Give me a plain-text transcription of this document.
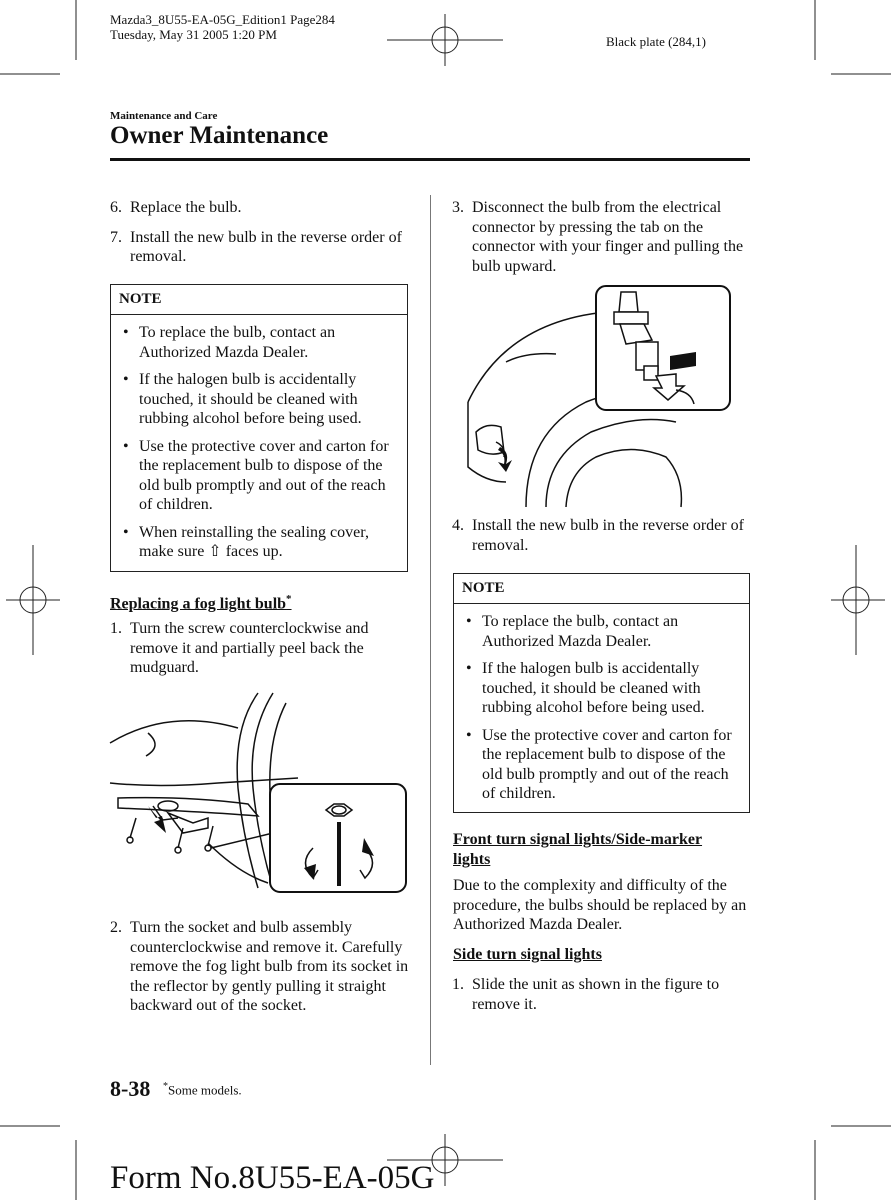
Mazda3_8U55-EA-05G_Edition1 Page284
Tuesday, May 31 2005 1:20 PM	Black plate (284,1)
Maintenance and Care
Owner Maintenance
6. Replace the bulb.
7. Install the new bulb in the reverse order of removal.
NOTE
• To replace the bulb, contact an Authorized Mazda Dealer.
• If the halogen bulb is accidentally touched, it should be cleaned with rubbing alcohol before being used.
• Use the protective cover and carton for the replacement bulb to dispose of the old bulb promptly and out of the reach of children.
• When reinstalling the sealing cover, make sure ⇧ faces up.
Replacing a fog light bulb*
1. Turn the screw counterclockwise and remove it and partially peel back the mudguard.
2. Turn the socket and bulb assembly counterclockwise and remove it. Carefully remove the fog light bulb from its socket in the reflector by gently pulling it straight backward out of the socket.
3. Disconnect the bulb from the electrical connector by pressing the tab on the connector with your finger and pulling the bulb upward.
4. Install the new bulb in the reverse order of removal.
NOTE
• To replace the bulb, contact an Authorized Mazda Dealer.
• If the halogen bulb is accidentally touched, it should be cleaned with rubbing alcohol before being used.
• Use the protective cover and carton for the replacement bulb to dispose of the old bulb promptly and out of the reach of children.
Front turn signal lights/Side-marker lights
Due to the complexity and difficulty of the procedure, the bulbs should be replaced by an Authorized Mazda Dealer.
Side turn signal lights
1. Slide the unit as shown in the figure to remove it.
8-38 *Some models.
Form No.8U55-EA-05G
